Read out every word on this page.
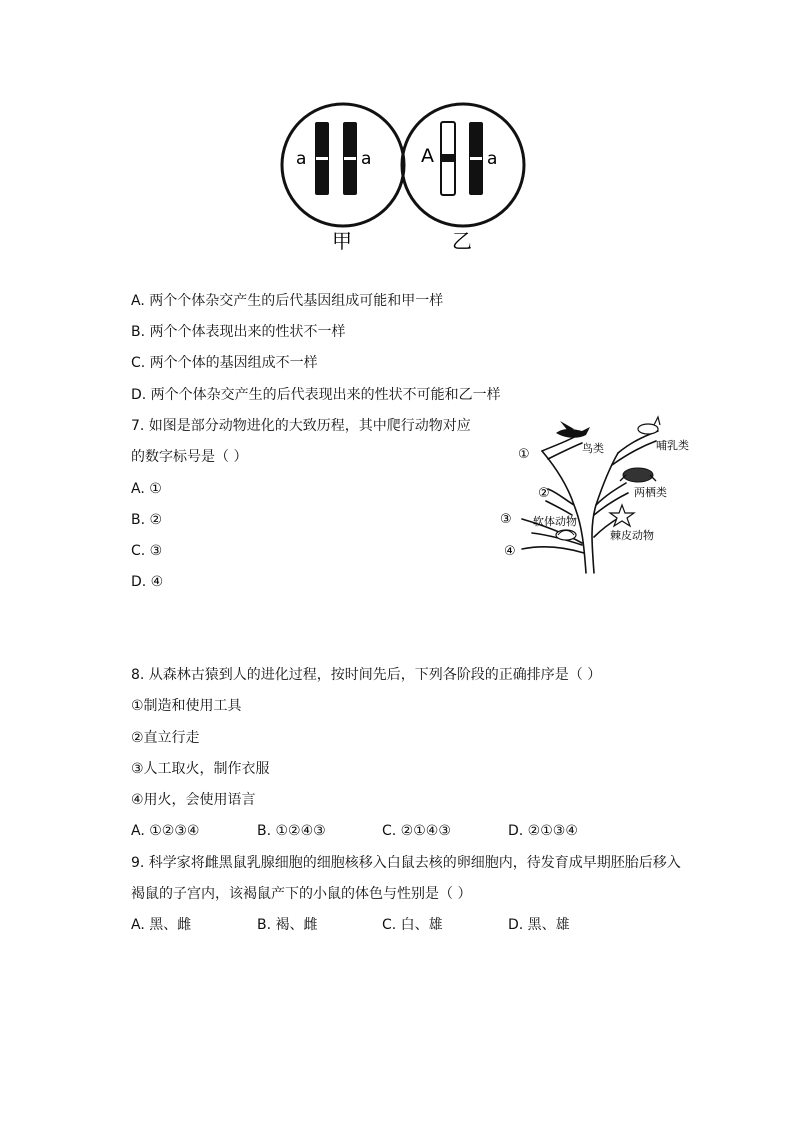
a	a
甲
A	a
乙
A. 两个个体杂交产生的后代基因组成可能和甲一样
B. 两个个体表现出来的性状不一样
C. 两个个体的基因组成不一样
D. 两个个体杂交产生的后代表现出来的性状不可能和乙一样
7. 如图是部分动物进化的大致历程，其中爬行动物对应
的数字标号是（ ）
A. ①
B. ②
C. ③
D. ④
①
②
③
④
鸟类	哺乳类
两栖类
软体动物
棘皮动物
8. 从森林古猿到人的进化过程，按时间先后，下列各阶段的正确排序是（ ）
①制造和使用工具
②直立行走
③人工取火，制作衣服
④用火，会使用语言
A. ①②③④	B. ①②④③	C. ②①④③	D. ②①③④
9. 科学家将雌黑鼠乳腺细胞的细胞核移入白鼠去核的卵细胞内，待发育成早期胚胎后移入
褐鼠的子宫内，该褐鼠产下的小鼠的体色与性别是（ ）
A. 黑、雌	B. 褐、雌	C. 白、雄	D. 黑、雄
